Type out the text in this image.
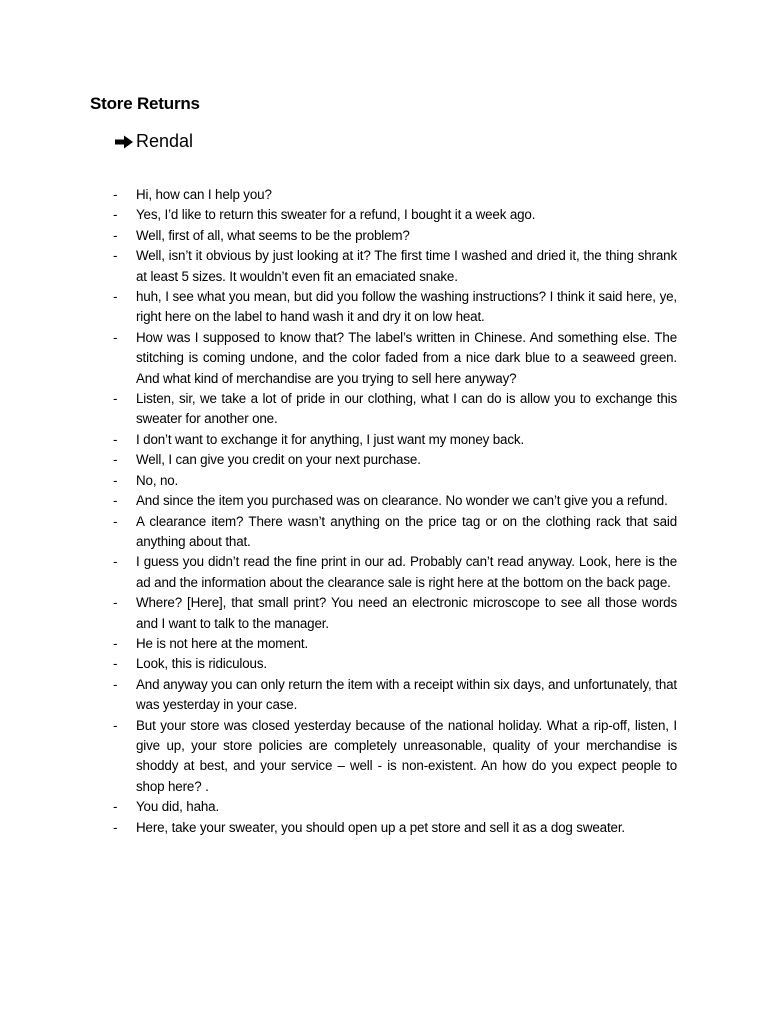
Store Returns
Rendal
- Hi, how can I help you?
- Yes, I’d like to return this sweater for a refund, I bought it a week ago.
- Well, first of all, what seems to be the problem?
- Well, isn’t it obvious by just looking at it? The first time I washed and dried it, the thing shrank at least 5 sizes. It wouldn’t even fit an emaciated snake.
- huh, I see what you mean, but did you follow the washing instructions? I think it said here, ye, right here on the label to hand wash it and dry it on low heat.
- How was I supposed to know that? The label’s written in Chinese. And something else. The stitching is coming undone, and the color faded from a nice dark blue to a seaweed green. And what kind of merchandise are you trying to sell here anyway?
- Listen, sir, we take a lot of pride in our clothing, what I can do is allow you to exchange this sweater for another one.
- I don’t want to exchange it for anything, I just want my money back.
- Well, I can give you credit on your next purchase.
- No, no.
- And since the item you purchased was on clearance. No wonder we can’t give you a refund.
- A clearance item? There wasn’t anything on the price tag or on the clothing rack that said anything about that.
- I guess you didn’t read the fine print in our ad. Probably can’t read anyway. Look, here is the ad and the information about the clearance sale is right here at the bottom on the back page.
- Where? [Here], that small print? You need an electronic microscope to see all those words and I want to talk to the manager.
- He is not here at the moment.
- Look, this is ridiculous.
- And anyway you can only return the item with a receipt within six days, and unfortunately, that was yesterday in your case.
- But your store was closed yesterday because of the national holiday. What a rip-off, listen, I give up, your store policies are completely unreasonable, quality of your merchandise is shoddy at best, and your service – well - is non-existent. An how do you expect people to shop here? .
- You did, haha.
- Here, take your sweater, you should open up a pet store and sell it as a dog sweater.
